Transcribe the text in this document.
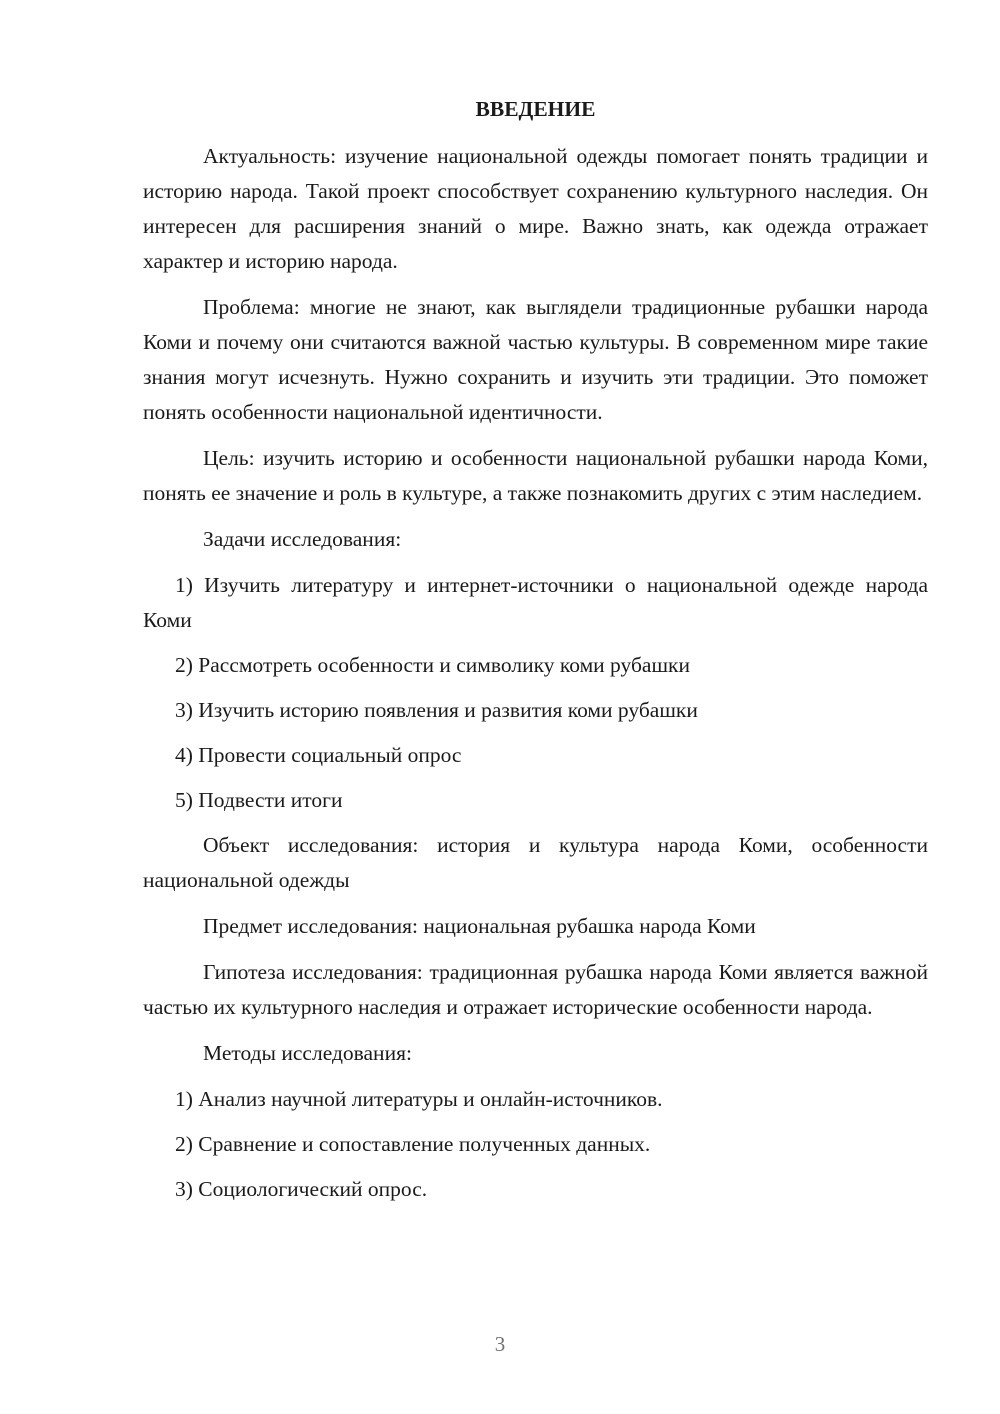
ВВЕДЕНИЕ

Актуальность: изучение национальной одежды помогает понять традиции и историю народа. Такой проект способствует сохранению культурного наследия. Он интересен для расширения знаний о мире. Важно знать, как одежда отражает характер и историю народа.

Проблема: многие не знают, как выглядели традиционные рубашки народа Коми и почему они считаются важной частью культуры. В современном мире такие знания могут исчезнуть. Нужно сохранить и изучить эти традиции. Это поможет понять особенности национальной идентичности.

Цель: изучить историю и особенности национальной рубашки народа Коми, понять ее значение и роль в культуре, а также познакомить других с этим наследием.

Задачи исследования:

1) Изучить литературу и интернет-источники о национальной одежде народа Коми

2) Рассмотреть особенности и символику коми рубашки

3) Изучить историю появления и развития коми рубашки

4) Провести социальный опрос

5) Подвести итоги

Объект исследования: история и культура народа Коми, особенности национальной одежды

Предмет исследования: национальная рубашка народа Коми

Гипотеза исследования: традиционная рубашка народа Коми является важной частью их культурного наследия и отражает исторические особенности народа.

Методы исследования:

1) Анализ научной литературы и онлайн-источников.

2) Сравнение и сопоставление полученных данных.

3) Социологический опрос.

3
